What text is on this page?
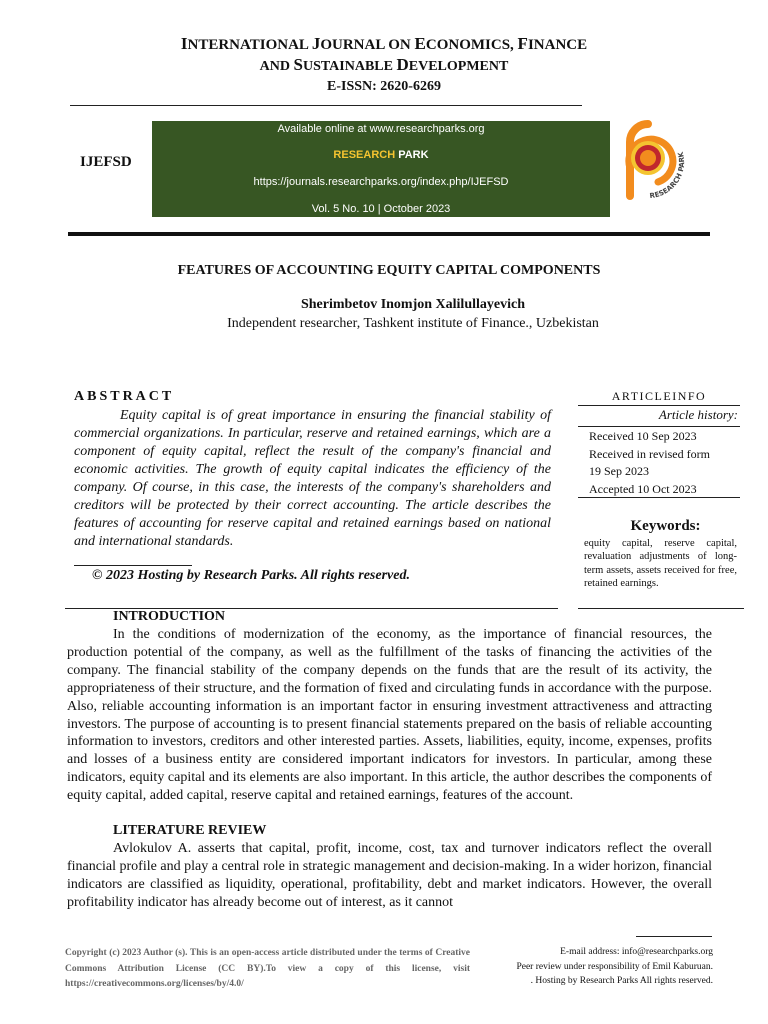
INTERNATIONAL JOURNAL ON ECONOMICS, FINANCE
AND SUSTAINABLE DEVELOPMENT
E-ISSN: 2620-6269
IJEFSD
Available online at www.researchparks.org
RESEARCH PARK
https://journals.researchparks.org/index.php/IJEFSD
Vol. 5 No. 10 | October 2023
RESEARCH PARK
FEATURES OF ACCOUNTING EQUITY CAPITAL COMPONENTS
Sherimbetov Inomjon Xalilullayevich
Independent researcher, Tashkent institute of Finance., Uzbekistan
ABSTRACT
Equity capital is of great importance in ensuring the financial stability of commercial organizations. In particular, reserve and retained earnings, which are a component of equity capital, reflect the result of the company's financial and economic activities. The growth of equity capital indicates the efficiency of the company. Of course, in this case, the interests of the company's shareholders and creditors will be protected by their correct accounting. The article describes the features of accounting for reserve capital and retained earnings based on national and international standards.
© 2023 Hosting by Research Parks. All rights reserved.
ARTICLEINFO
Article history:
Received 10 Sep 2023
Received in revised form
19 Sep 2023
Accepted 10 Oct 2023
Keywords:
equity capital, reserve capital, revaluation adjustments of long-term assets, assets received for free, retained earnings.
INTRODUCTION
In the conditions of modernization of the economy, as the importance of financial resources, the production potential of the company, as well as the fulfillment of the tasks of financing the activities of the company. The financial stability of the company depends on the funds that are the result of its activity, the appropriateness of their structure, and the formation of fixed and circulating funds in accordance with the purpose. Also, reliable accounting information is an important factor in ensuring investment attractiveness and attracting investors. The purpose of accounting is to present financial statements prepared on the basis of reliable accounting information to investors, creditors and other interested parties. Assets, liabilities, equity, income, expenses, profits and losses of a business entity are considered important indicators for investors. In particular, among these indicators, equity capital and its elements are also important. In this article, the author describes the components of equity capital, added capital, reserve capital and retained earnings, features of the account.
LITERATURE REVIEW
Avlokulov A. asserts that capital, profit, income, cost, tax and turnover indicators reflect the overall financial profile and play a central role in strategic management and decision-making. In a wider horizon, financial indicators are classified as liquidity, operational, profitability, debt and market indicators. However, the overall profitability indicator has already become out of interest, as it cannot
Copyright (c) 2023 Author (s). This is an open-access article distributed under the terms of Creative Commons Attribution License (CC BY).To view a copy of this license, visit https://creativecommons.org/licenses/by/4.0/
E-mail address: info@researchparks.org
Peer review under responsibility of Emil Kaburuan.
. Hosting by Research Parks All rights reserved.
